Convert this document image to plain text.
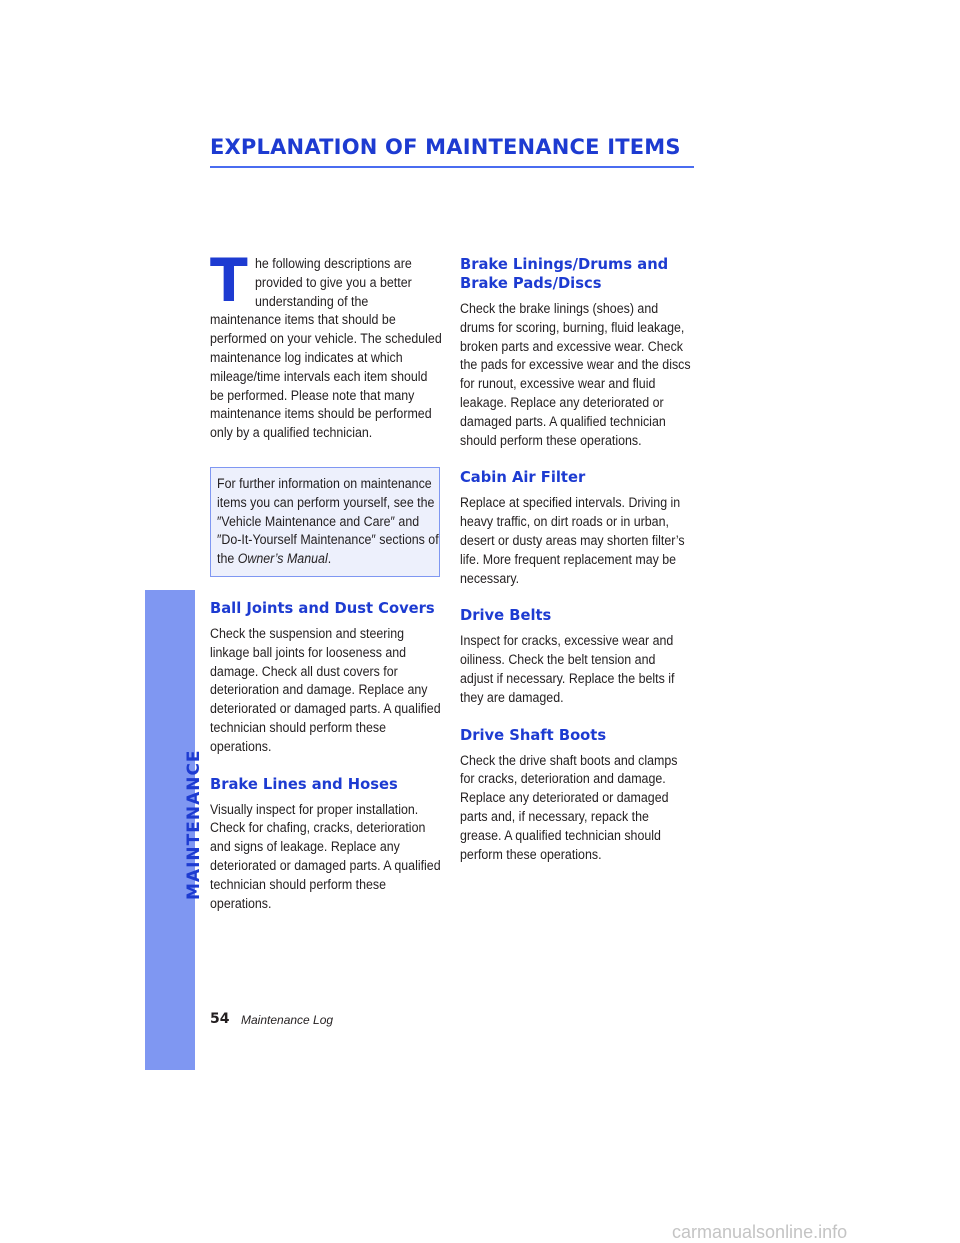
EXPLANATION OF MAINTENANCE ITEMS
MAINTENANCE

The following descriptions are provided to give you a better understanding of the maintenance items that should be performed on your vehicle. The scheduled maintenance log indicates at which mileage/time intervals each item should be performed. Please note that many maintenance items should be performed only by a qualified technician.

For further information on maintenance items you can perform yourself, see the ″Vehicle Maintenance and Care″ and ″Do-It-Yourself Maintenance″ sections of the Owner’s Manual.

Ball Joints and Dust Covers

Check the suspension and steering linkage ball joints for looseness and damage. Check all dust covers for deterioration and damage. Replace any deteriorated or damaged parts. A qualified technician should perform these operations.

Brake Lines and Hoses

Visually inspect for proper installation. Check for chafing, cracks, deterioration and signs of leakage. Replace any deteriorated or damaged parts. A qualified technician should perform these operations.

Brake Linings/Drums and Brake Pads/Discs

Check the brake linings (shoes) and drums for scoring, burning, fluid leakage, broken parts and excessive wear. Check the pads for excessive wear and the discs for runout, excessive wear and fluid leakage. Replace any deteriorated or damaged parts. A qualified technician should perform these operations.

Cabin Air Filter

Replace at specified intervals. Driving in heavy traffic, on dirt roads or in urban, desert or dusty areas may shorten filter’s life. More frequent replacement may be necessary.

Drive Belts

Inspect for cracks, excessive wear and oiliness. Check the belt tension and adjust if necessary. Replace the belts if they are damaged.

Drive Shaft Boots

Check the drive shaft boots and clamps for cracks, deterioration and damage. Replace any deteriorated or damaged parts and, if necessary, repack the grease. A qualified technician should perform these operations.

54 Maintenance Log
carmanualsonline.info
